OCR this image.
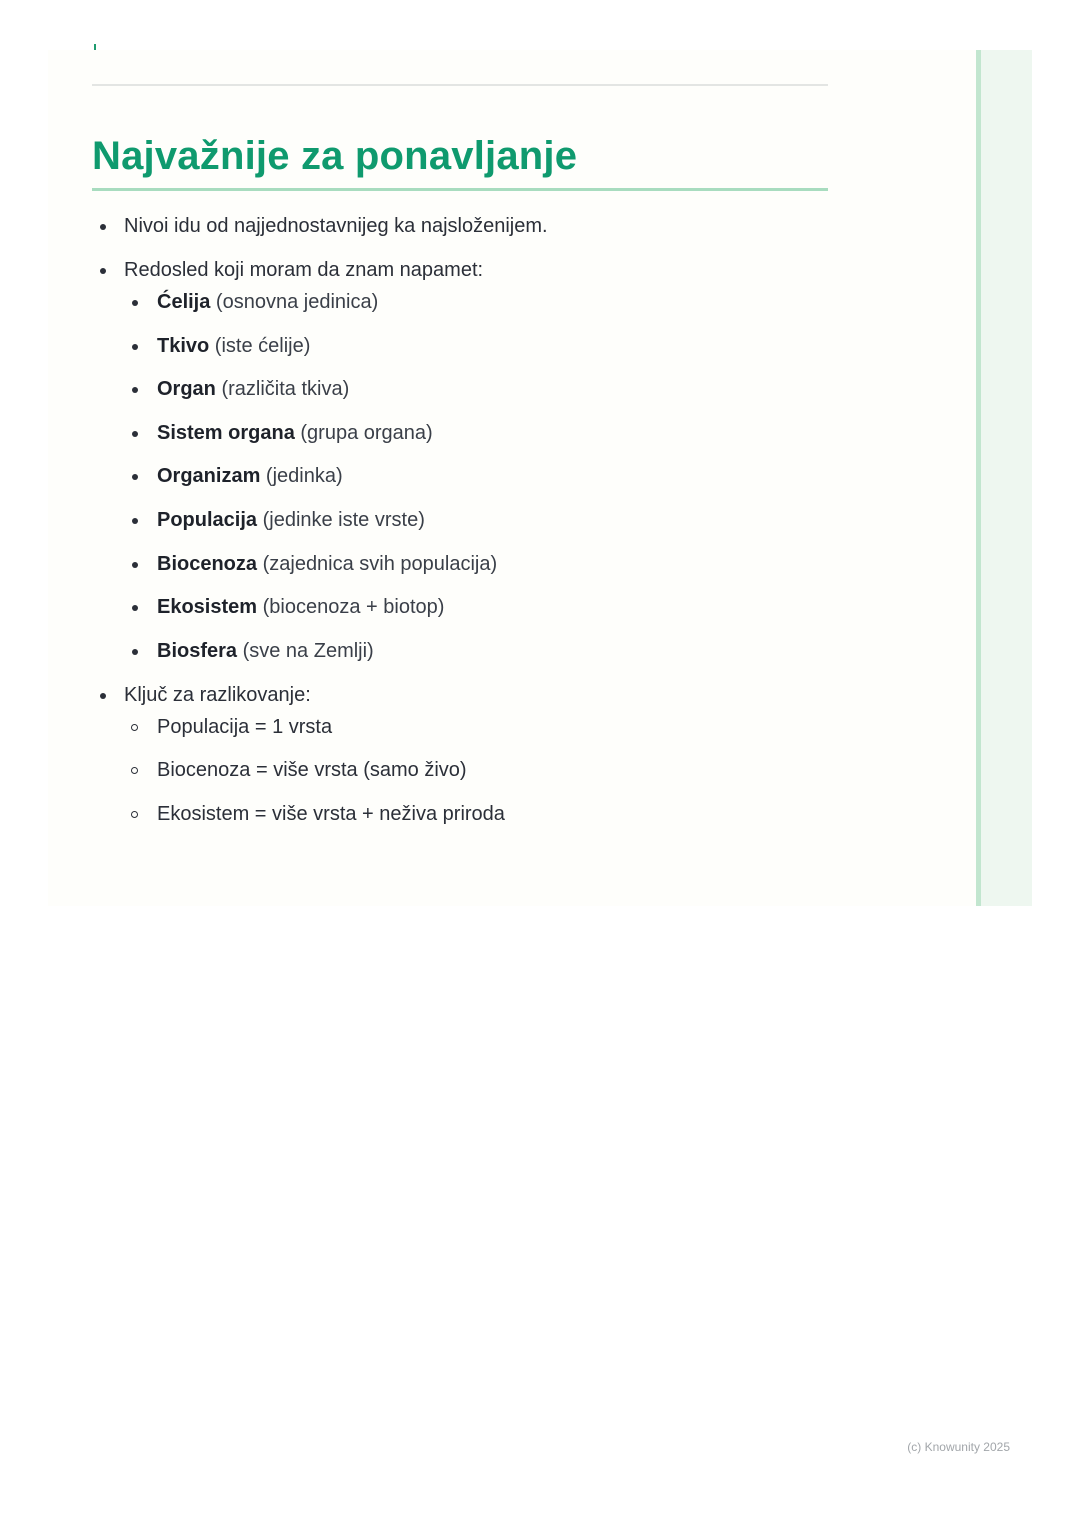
Najvažnije za ponavljanje
Nivoi idu od najjednostavnijeg ka najsloženijem.
Redosled koji moram da znam napamet:
Ćelija (osnovna jedinica)
Tkivo (iste ćelije)
Organ (različita tkiva)
Sistem organa (grupa organa)
Organizam (jedinka)
Populacija (jedinke iste vrste)
Biocenoza (zajednica svih populacija)
Ekosistem (biocenoza + biotop)
Biosfera (sve na Zemlji)
Ključ za razlikovanje:
Populacija = 1 vrsta
Biocenoza = više vrsta (samo živo)
Ekosistem = više vrsta + neživa priroda
(c) Knowunity 2025
